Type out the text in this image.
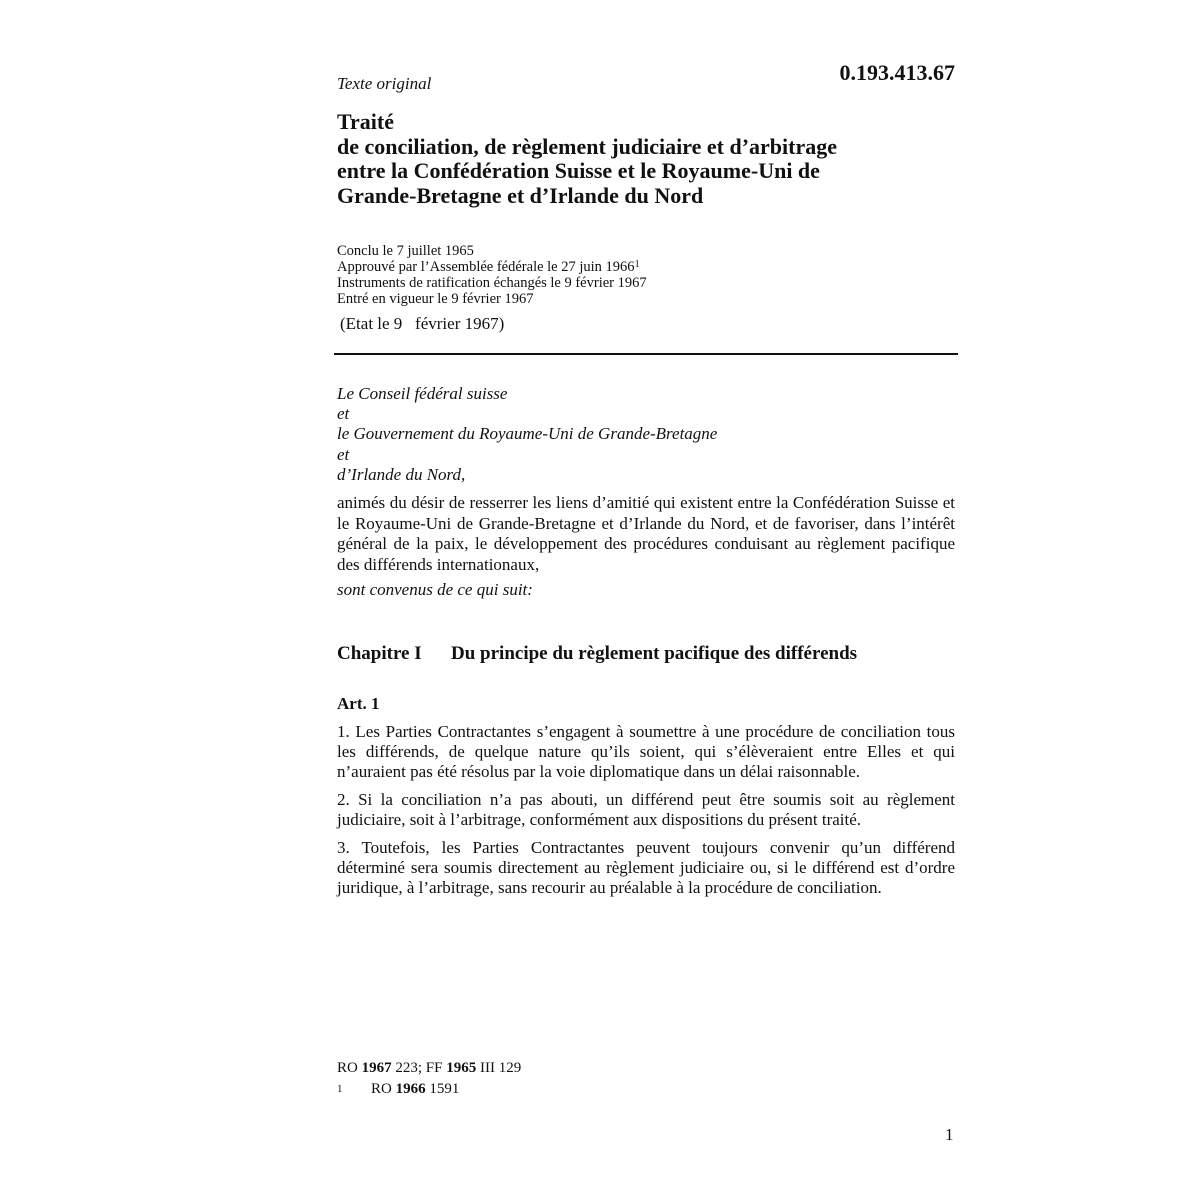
Texte original	0.193.413.67
Traité
de conciliation, de règlement judiciaire et d’arbitrage
entre la Confédération Suisse et le Royaume-Uni de
Grande-Bretagne et d’Irlande du Nord
Conclu le 7 juillet 1965
Approuvé par l’Assemblée fédérale le 27 juin 1966$^1$
Instruments de ratification échangés le 9 février 1967
Entré en vigueur le 9 février 1967
(Etat le 9   février 1967)
Le Conseil fédéral suisse
et
le Gouvernement du Royaume-Uni de Grande-Bretagne
et
d’Irlande du Nord,
animés du désir de resserrer les liens d’amitié qui existent entre la Confédération Suisse et le Royaume-Uni de Grande-Bretagne et d’Irlande du Nord, et de favoriser, dans l’intérêt général de la paix, le développement des procédures conduisant au règlement pacifique des différends internationaux,
sont convenus de ce qui suit:
Chapitre I Du principe du règlement pacifique des différends
Art. 1
1. Les Parties Contractantes s’engagent à soumettre à une procédure de conciliation tous les différends, de quelque nature qu’ils soient, qui s’élèveraient entre Elles et qui n’auraient pas été résolus par la voie diplomatique dans un délai raisonnable.
2. Si la conciliation n’a pas abouti, un différend peut être soumis soit au règlement judiciaire, soit à l’arbitrage, conformément aux dispositions du présent traité.
3. Toutefois, les Parties Contractantes peuvent toujours convenir qu’un différend déterminé sera soumis directement au règlement judiciaire ou, si le différend est d’ordre juridique, à l’arbitrage, sans recourir au préalable à la procédure de conciliation.
RO 1967 223; FF 1965 III 129
1 RO 1966 1591
1
